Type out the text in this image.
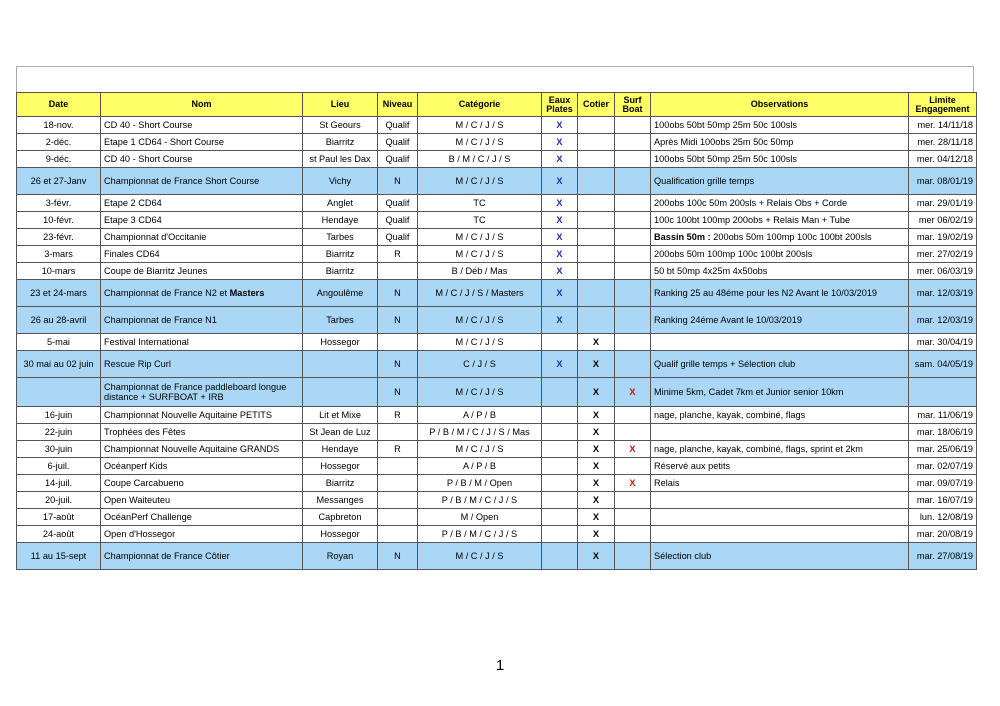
Date	Nom	Lieu	Niveau	Catégorie	Eaux Plates	Cotier	Surf Boat	Observations	Limite Engagement
18-nov.	CD 40 - Short Course	St Geours	Qualif	M / C / J / S	X			100obs 50bt 50mp 25m 50c 100sls	mer. 14/11/18
2-déc.	Etape 1 CD64 - Short Course	Biarritz	Qualif	M / C / J / S	X			Après Midi 100obs 25m 50c 50mp	mer. 28/11/18
9-déc.	CD 40 - Short Course	st Paul les Dax	Qualif	B / M / C / J / S	X			100obs 50bt 50mp 25m 50c 100sls	mer. 04/12/18
26 et 27-Janv	Championnat de France Short Course	Vichy	N	M / C / J / S	X			Qualification grille temps	mar. 08/01/19
3-févr.	Etape 2 CD64	Anglet	Qualif	TC	X			200obs 100c 50m 200sls + Relais Obs + Corde	mar. 29/01/19
10-févr.	Etape 3 CD64	Hendaye	Qualif	TC	X			100c 100bt 100mp 200obs + Relais Man + Tube	mer 06/02/19
23-févr.	Championnat d'Occitanie	Tarbes	Qualif	M / C / J / S	X			Bassin 50m : 200obs 50m 100mp 100c 100bt 200sls	mar. 19/02/19
3-mars	Finales CD64	Biarritz	R	M / C / J / S	X			200obs 50m 100mp 100c 100bt 200sls	mer. 27/02/19
10-mars	Coupe de Biarritz Jeunes	Biarritz		B / Déb / Mas	X			50 bt 50mp 4x25m 4x50obs	mer. 06/03/19
23 et 24-mars	Championnat de France N2 et Masters	Angoulême	N	M / C / J / S / Masters	X			Ranking 25 au 48éme pour les N2 Avant le 10/03/2019	mar. 12/03/19
26 au 28-avril	Championnat de France N1	Tarbes	N	M / C / J / S	X			Ranking 24éme Avant le 10/03/2019	mar. 12/03/19
5-mai	Festival International	Hossegor		M / C / J / S		X			mar. 30/04/19
30 mai au 02 juin	Rescue Rip Curl		N	C / J / S	X	X		Qualif grille temps + Sélection club	sam. 04/05/19
	Championnat de France paddleboard longue distance + SURFBOAT + IRB		N	M / C / J / S		X	X	Minime 5km, Cadet 7km et Junior senior 10km	
16-juin	Championnat Nouvelle Aquitaine PETITS	Lit et Mixe	R	A / P / B		X		nage, planche, kayak, combiné, flags	mar. 11/06/19
22-juin	Trophées des Fêtes	St Jean de Luz		P / B / M / C / J / S / Mas		X			mar. 18/06/19
30-juin	Championnat Nouvelle Aquitaine GRANDS	Hendaye	R	M / C / J / S		X	X	nage, planche, kayak, combiné, flags, sprint et 2km	mar. 25/06/19
6-juil.	Océanperf Kids	Hossegor		A / P / B		X		Réservé aux petits	mar. 02/07/19
14-juil.	Coupe Carcabueno	Biarritz		P / B / M / Open		X	X	Relais	mar. 09/07/19
20-juil.	Open Waiteuteu	Messanges		P / B / M / C / J / S		X			mar. 16/07/19
17-août	OcéanPerf Challenge	Capbreton		M / Open		X			lun. 12/08/19
24-août	Open d'Hossegor	Hossegor		P / B / M / C / J / S		X			mar. 20/08/19
11 au 15-sept	Championnat de France Côtier	Royan	N	M / C / J / S		X		Sélection club	mar. 27/08/19
1
